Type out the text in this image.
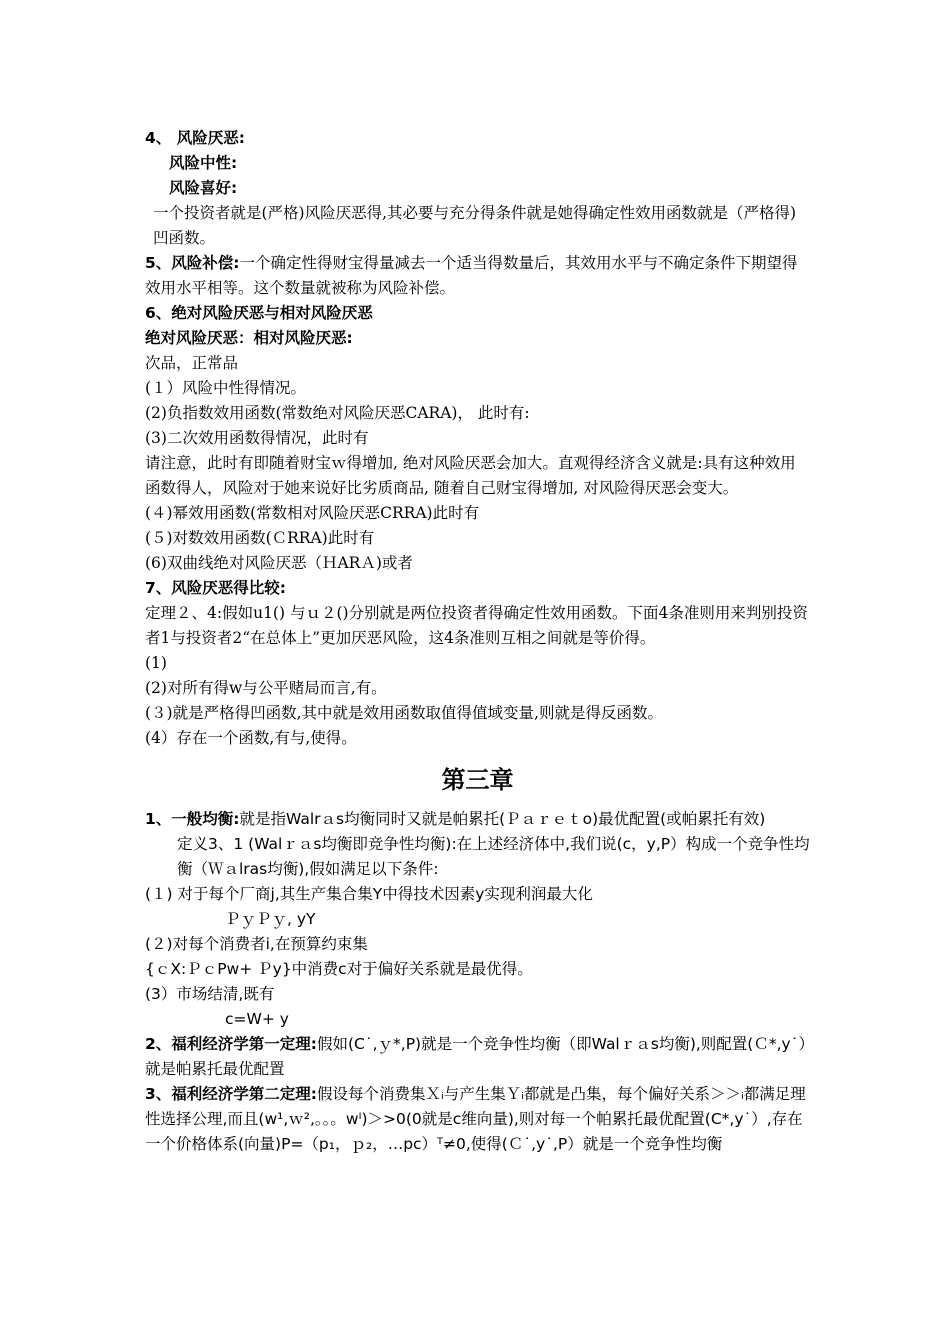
4、 风险厌恶:

风险中性:

风险喜好:

一个投资者就是(严格)风险厌恶得,其必要与充分得条件就是她得确定性效用函数就是（严格得)凹函数。

5、风险补偿:一个确定性得财宝得量减去一个适当得数量后，其效用水平与不确定条件下期望得效用水平相等。这个数量就被称为风险补偿。

6、绝对风险厌恶与相对风险厌恶

绝对风险厌恶：相对风险厌恶:

次品，正常品

(１）风险中性得情况。

(2)负指数效用函数(常数绝对风险厌恶CARA)， 此时有:

(3)二次效用函数得情况，此时有

请注意，此时有即随着财宝ｗ得增加, 绝对风险厌恶会加大。直观得经济含义就是:具有这种效用函数得人，风险对于她来说好比劣质商品, 随着自己财宝得增加, 对风险得厌恶会变大。

(４)幂效用函数(常数相对风险厌恶CRRA)此时有

(５)对数效用函数(ＣRRA)此时有

(6)双曲线绝对风险厌恶（ＨARＡ)或者

7、风险厌恶得比较:

定理２、4:假如u1() 与ｕ２()分别就是两位投资者得确定性效用函数。下面4条准则用来判别投资者1与投资者2“在总体上”更加厌恶风险，这4条准则互相之间就是等价得。

(1)

(2)对所有得w与公平赌局而言,有。

(３)就是严格得凹函数,其中就是效用函数取值得值域变量,则就是得反函数。

(4）存在一个函数,有与,使得。

第三章

1、一般均衡:就是指Walrａs均衡同时又就是帕累托(Ｐａｒｅｔo)最优配置(或帕累托有效)

定义3、1 (Walｒａs均衡即竞争性均衡):在上述经济体中,我们说(c，y,P）构成一个竞争性均衡（Ｗａlras均衡),假如满足以下条件:

(１) 对于每个厂商j,其生产集合集Y中得技术因素y实现利润最大化

ＰｙＰｙ, yY

(２)对每个消费者i,在预算约束集

{ｃX:ＰｃPw+ Ｐy}中消费c对于偏好关系就是最优得。

(3）市场结清,既有

c=W+ y

2、福利经济学第一定理:假如(C˙,ｙ*,P)就是一个竞争性均衡（即Walｒａs均衡),则配置(Ｃ*,y˙）就是帕累托最优配置

3、福利经济学第二定理:假设每个消费集Ｘᵢ与产生集Ｙᵢ都就是凸集，每个偏好关系＞＞ᵢ都满足理性选择公理,而且(w¹,ｗ²,。。。wᴵ)＞>0(0就是c维向量),则对每一个帕累托最优配置(C*,y˙）,存在一个价格体系(向量)P=（p₁，ｐ₂，…pc）ᵀ≠0,使得(Ｃ˙,y˙,P）就是一个竞争性均衡
